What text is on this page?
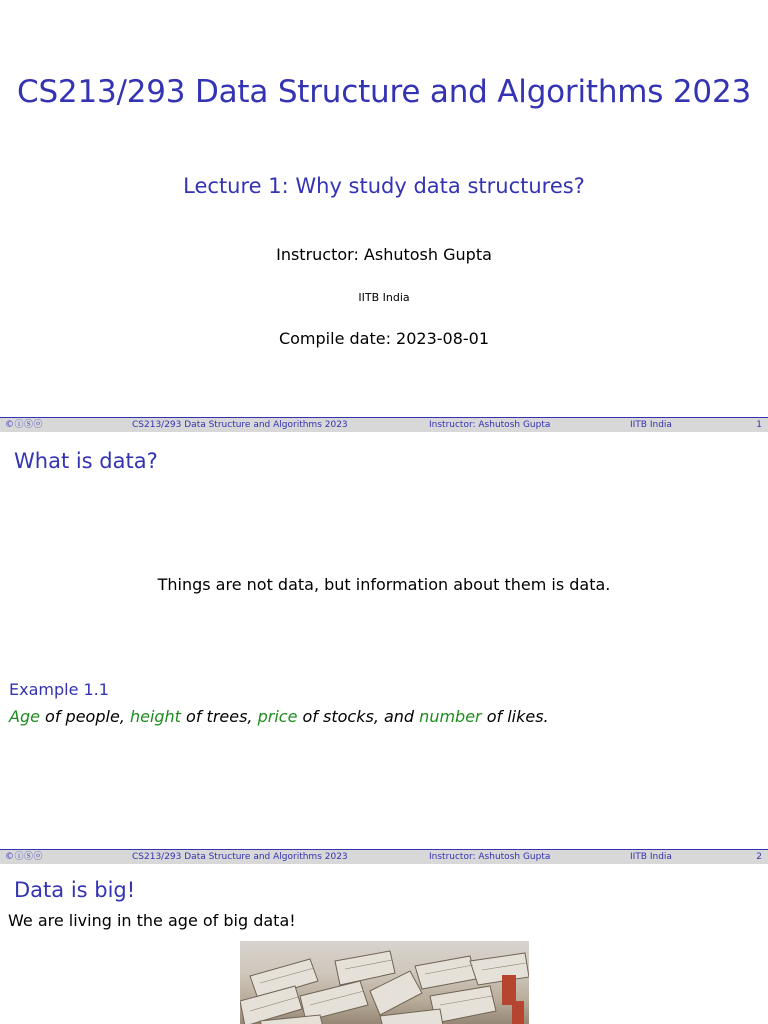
CS213/293 Data Structure and Algorithms 2023
Lecture 1: Why study data structures?
Instructor: Ashutosh Gupta
IITB India
Compile date: 2023-08-01
©ⓘⓈⓞ	CS213/293 Data Structure and Algorithms 2023	Instructor: Ashutosh Gupta	IITB India	1
What is data?
Things are not data, but information about them is data.
Example 1.1
Age of people, height of trees, price of stocks, and number of likes.
©ⓘⓈⓞ	CS213/293 Data Structure and Algorithms 2023	Instructor: Ashutosh Gupta	IITB India	2
Data is big!
We are living in the age of big data!
